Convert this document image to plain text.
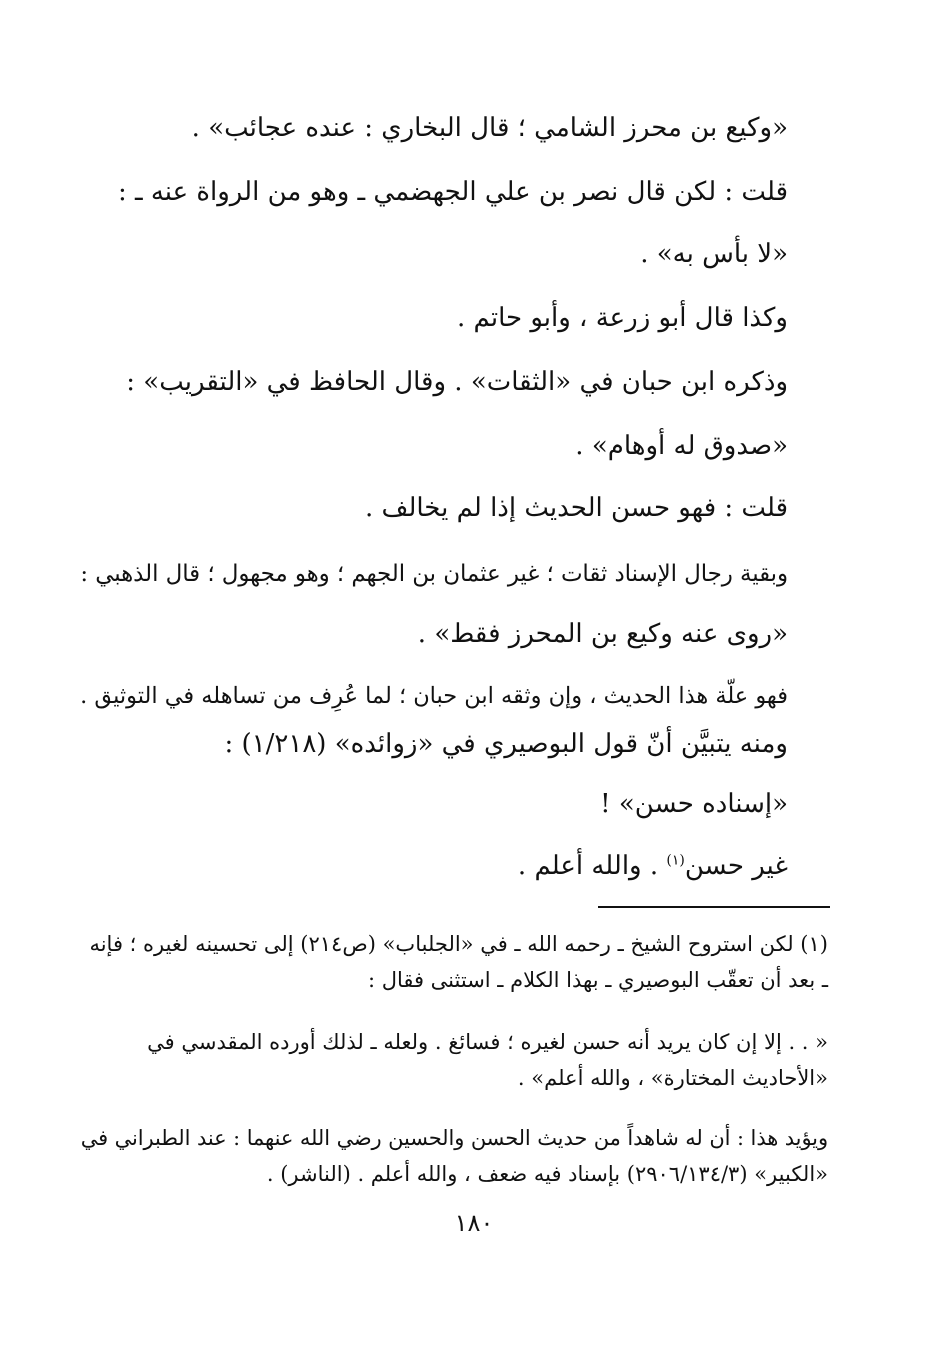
«وكيع بن محرز الشامي ؛ قال البخاري : عنده عجائب» .
قلت : لكن قال نصر بن علي الجهضمي ـ وهو من الرواة عنه ـ :
«لا بأس به» .
وكذا قال أبو زرعة ، وأبو حاتم .
وذكره ابن حبان في «الثقات» . وقال الحافظ في «التقريب» :
«صدوق له أوهام» .
قلت : فهو حسن الحديث إذا لم يخالف .
وبقية رجال الإسناد ثقات ؛ غير عثمان بن الجهم ؛ وهو مجهول ؛ قال الذهبي :
«روى عنه وكيع بن المحرز فقط» .
فهو علّة هذا الحديث ، وإن وثقه ابن حبان ؛ لما عُرِف من تساهله في التوثيق .
ومنه يتبيَّن أنّ قول البوصيري في «زوائده» (١/٢١٨) :
«إسناده حسن» !
غير حسن$^{(١)}$ . والله أعلم .
(١) لكن استروح الشيخ ـ رحمه الله ـ في «الجلباب» (ص٢١٤) إلى تحسينه لغيره ؛ فإنه
ـ بعد أن تعقّب البوصيري ـ بهذا الكلام ـ استثنى فقال :
« . . إلا إن كان يريد أنه حسن لغيره ؛ فسائغ . ولعله ـ لذلك أورده المقدسي في
«الأحاديث المختارة» ، والله أعلم» .
ويؤيد هذا : أن له شاهداً من حديث الحسن والحسين رضي الله عنهما : عند الطبراني في
«الكبير» (٢٩٠٦/١٣٤/٣) بإسناد فيه ضعف ، والله أعلم . (الناشر) .
١٨٠
